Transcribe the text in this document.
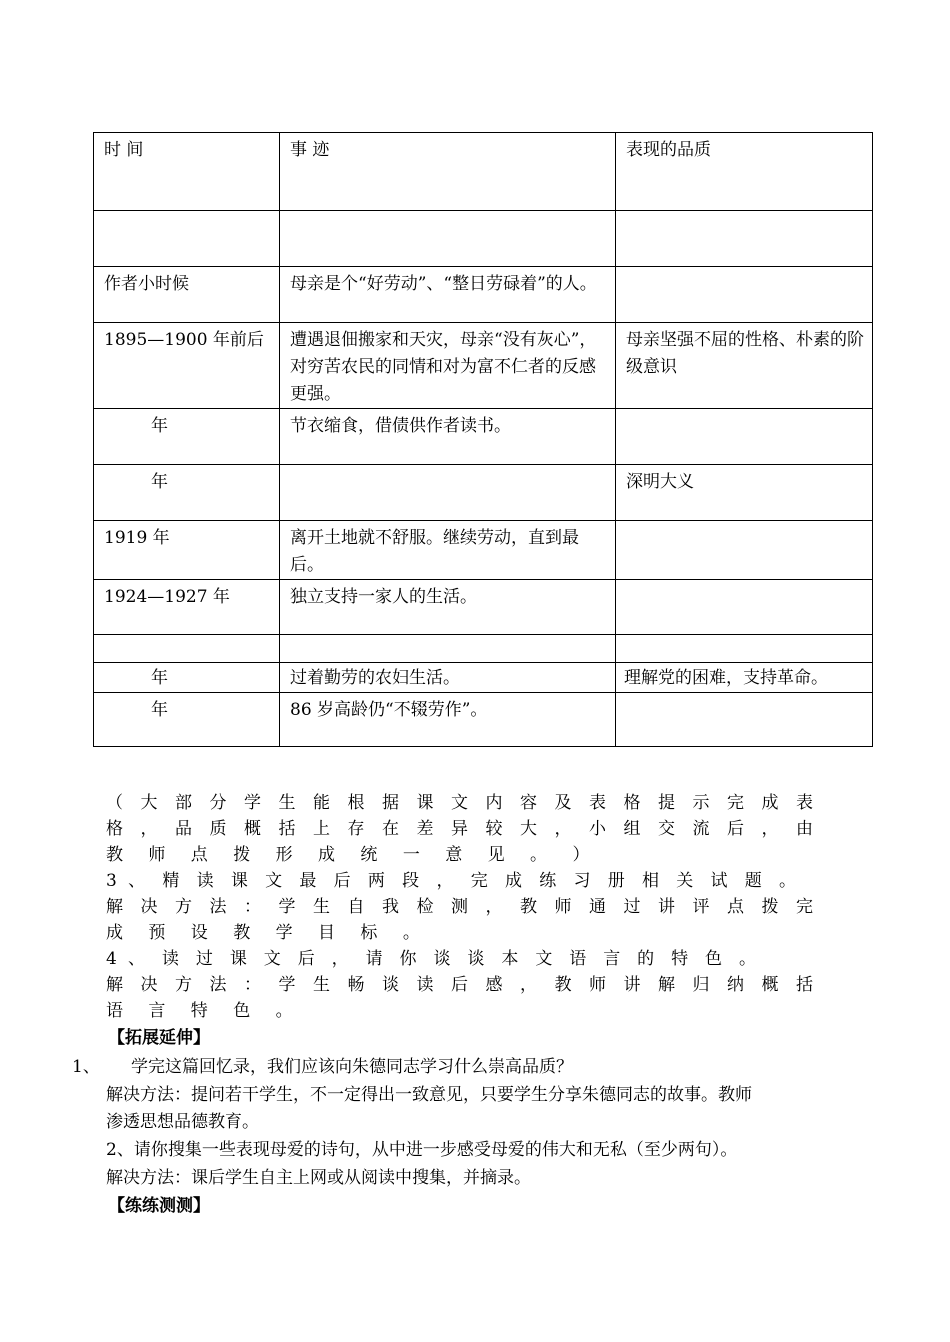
时 间	事 迹	表现的品质

作者小时候	母亲是个“好劳动”、“整日劳碌着”的人。	
1895—1900 年前后	遭遇退佃搬家和天灾，母亲“没有灰心”，对穷苦农民的同情和对为富不仁者的反感更强。	母亲坚强不屈的性格、朴素的阶级意识
年	节衣缩食，借债供作者读书。	
年		深明大义
1919 年	离开土地就不舒服。继续劳动，直到最后。	
1924—1927 年	独立支持一家人的生活。	

年	过着勤劳的农妇生活。	理解党的困难，支持革命。
年	86 岁高龄仍“不辍劳作”。	
（ 大 部 分 学 生 能 根 据 课 文 内 容 及 表 格 提 示 完 成 表
格 ， 品 质 概 括 上 存 在 差 异 较 大 ， 小 组 交 流 后 ， 由
教 师 点 拨 形 成 统 一 意 见 。 ）
3 、 精 读 课 文 最 后 两 段 ， 完 成 练 习 册 相 关 试 题 。
解 决 方 法 ： 学 生 自 我 检 测 ， 教 师 通 过 讲 评 点 拨 完
成 预 设 教 学 目 标 。
4 、 读 过 课 文 后 ， 请 你 谈 谈 本 文 语 言 的 特 色 。
解 决 方 法 ： 学 生 畅 谈 读 后 感 ， 教 师 讲 解 归 纳 概 括
语 言 特 色 。
【拓展延伸】
1、 学完这篇回忆录，我们应该向朱德同志学习什么崇高品质？
解决方法：提问若干学生，不一定得出一致意见，只要学生分享朱德同志的故事。教师
渗透思想品德教育。
2、请你搜集一些表现母爱的诗句，从中进一步感受母爱的伟大和无私（至少两句）。
解决方法：课后学生自主上网或从阅读中搜集，并摘录。
【练练测测】
